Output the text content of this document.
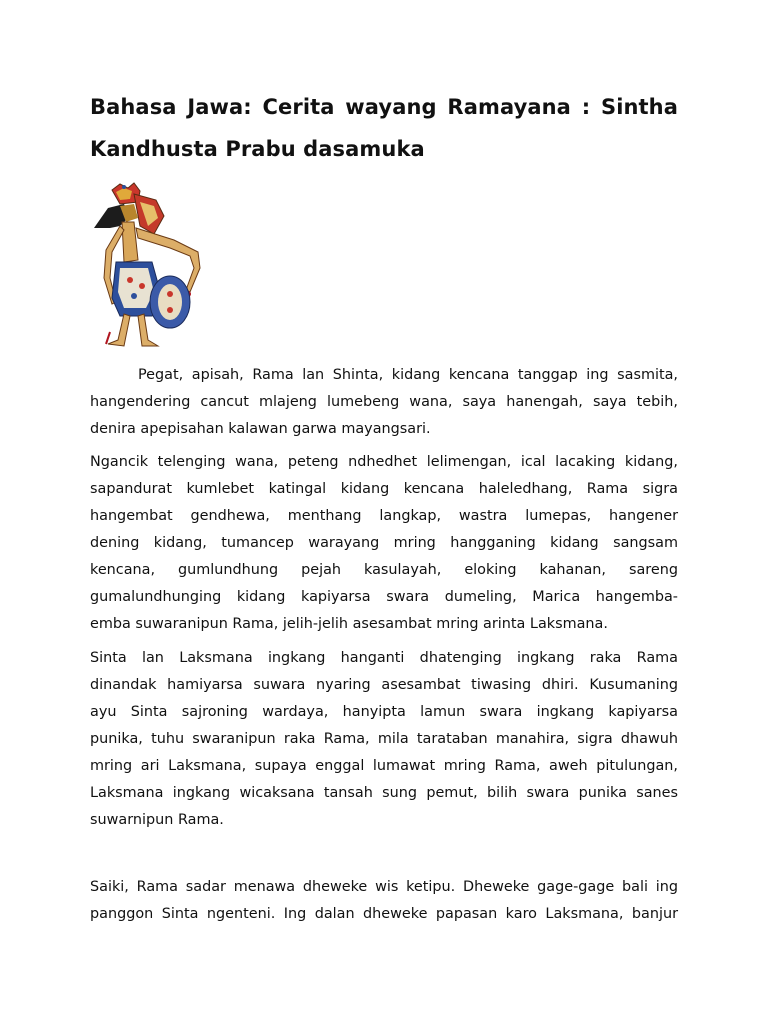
Bahasa Jawa: Cerita wayang Ramayana : Sintha Kandhusta Prabu dasamuka

Pegat, apisah, Rama lan Shinta, kidang kencana tanggap ing sasmita,
hangendering cancut mlajeng lumebeng wana, saya hanengah, saya tebih,
denira apepisahan kalawan garwa mayangsari.

Ngancik telenging wana, peteng ndhedhet lelimengan, ical lacaking kidang,
sapandurat kumlebet katingal kidang kencana haleledhang, Rama sigra
hangembat gendhewa, menthang langkap, wastra lumepas, hangener
dening kidang, tumancep warayang mring hangganing kidang sangsam
kencana, gumlundhung pejah kasulayah, eloking kahanan, sareng
gumalundhunging kidang kapiyarsa swara dumeling, Marica hangemba-
emba suwaranipun Rama, jelih-jelih asesambat mring arinta Laksmana.

Sinta lan Laksmana ingkang hanganti dhatenging ingkang raka Rama
dinandak hamiyarsa suwara nyaring asesambat tiwasing dhiri. Kusumaning
ayu Sinta sajroning wardaya, hanyipta lamun swara ingkang kapiyarsa
punika, tuhu swaranipun raka Rama, mila tarataban manahira, sigra dhawuh
mring ari Laksmana, supaya enggal lumawat mring Rama, aweh pitulungan,
Laksmana ingkang wicaksana tansah sung pemut, bilih swara punika sanes
suwarnipun Rama.

Saiki, Rama sadar menawa dheweke wis ketipu. Dheweke gage-gage bali ing
panggon Sinta ngenteni. Ing dalan dheweke papasan karo Laksmana, banjur
